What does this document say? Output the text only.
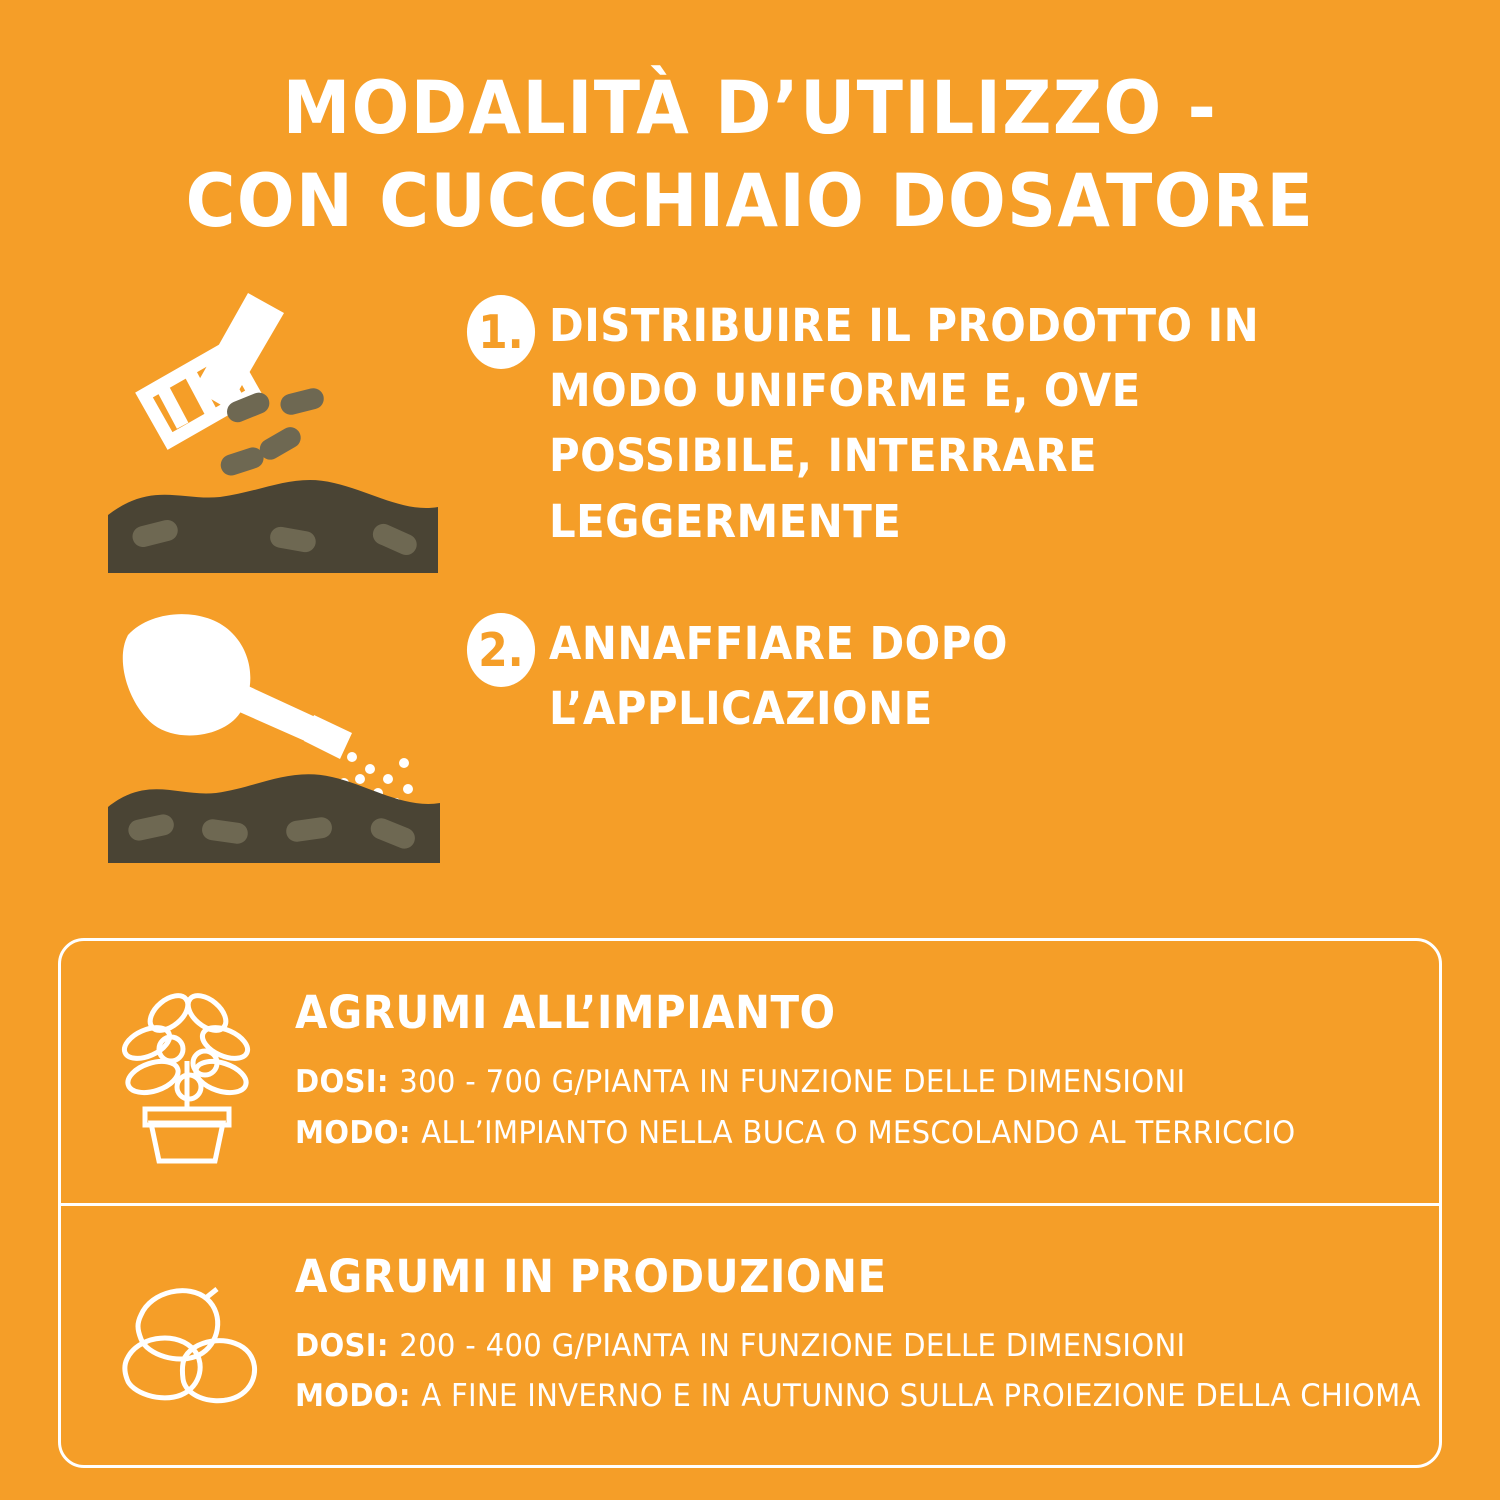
MODALITÀ D’UTILIZZO -
CON CUCCCHIAIO DOSATORE
1. DISTRIBUIRE IL PRODOTTO IN MODO UNIFORME E, OVE POSSIBILE, INTERRARE LEGGERMENTE
2. ANNAFFIARE DOPO L’APPLICAZIONE
AGRUMI ALL’IMPIANTO
DOSI: 300 - 700 G/PIANTA IN FUNZIONE DELLE DIMENSIONI
MODO: ALL’IMPIANTO NELLA BUCA O MESCOLANDO AL TERRICCIO
AGRUMI IN PRODUZIONE
DOSI: 200 - 400 G/PIANTA IN FUNZIONE DELLE DIMENSIONI
MODO: A FINE INVERNO E IN AUTUNNO SULLA PROIEZIONE DELLA CHIOMA
